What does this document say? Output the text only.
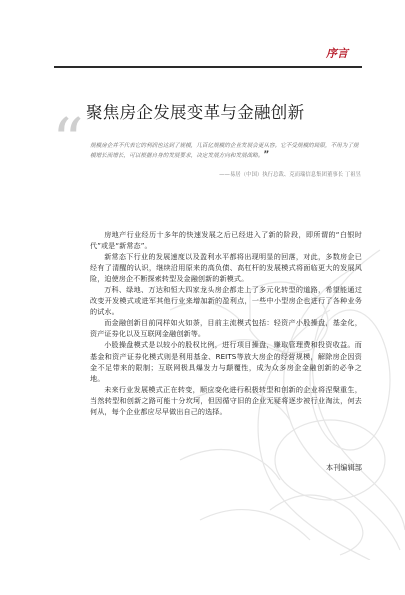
序言
聚焦房企发展变革与金融创新
“ 规模房企并不代表它的利润也达到了规模，几百亿规模的企业发展会更从容。它不受规模的局限，不用为了规模增长而增长，可以根据自身的发展要求，决定发展方向和发展战略。”

——易居（中国）执行总裁、克而瑞信息集团董事长 丁祖昱

房地产行业经历十多年的快速发展之后已经进入了新的阶段，即所谓的“白银时代”或是“新常态”。

新常态下行业的发展速度以及盈利水平都将出现明显的回落，对此，多数房企已经有了清醒的认识，继续沿用原来的高负债、高杠杆的发展模式将面临更大的发展风险，迫使房企不断探索转型及金融创新的新模式。

万科、绿地、万达和恒大四家龙头房企都走上了多元化转型的道路，希望能通过改变开发模式或进军其他行业来增加新的盈利点，一些中小型房企也进行了各种业务的试水。

而金融创新目前同样如火如荼，目前主流模式包括：轻资产小股操盘，基金化，资产证券化以及互联网金融创新等。

小股操盘模式是以较小的股权比例，进行项目操盘，赚取管理费和投资收益。而基金和资产证券化模式则是利用基金、REITS等放大房企的经营规模，解除房企因资金不足带来的限制；互联网极具爆发力与颠覆性，成为众多房企金融创新的必争之地。

未来行业发展模式正在转变，顺应变化进行积极转型和创新的企业将涅槃重生，当然转型和创新之路可能十分坎坷，但因循守旧的企业无疑将逐步被行业淘汰，何去何从，每个企业都应尽早做出自己的选择。

本刊编辑部
